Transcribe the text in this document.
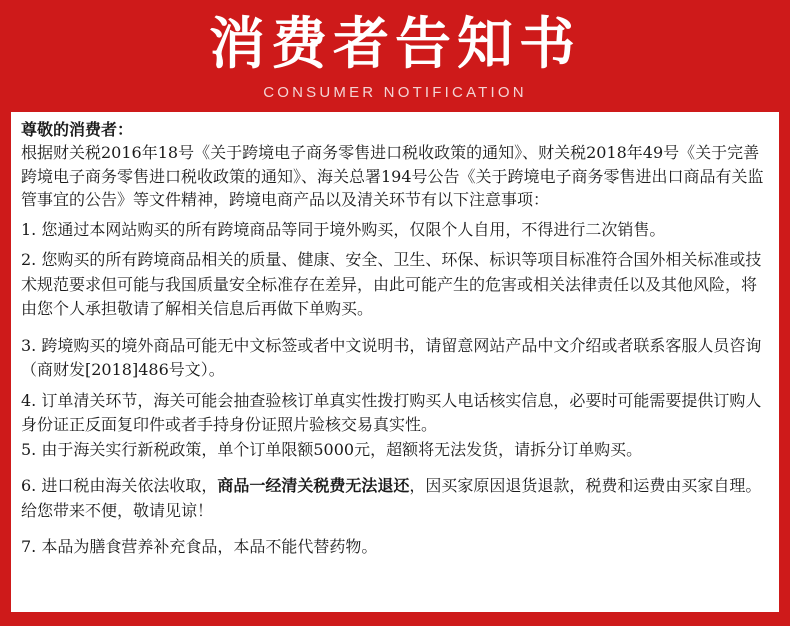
消费者告知书
CONSUMER NOTIFICATION
尊敬的消费者：
根据财关税2016年18号《关于跨境电子商务零售进口税收政策的通知》、财关税2018年49号《关于完善跨境电子商务零售进口税收政策的通知》、海关总署194号公告《关于跨境电子商务零售进出口商品有关监管事宜的公告》等文件精神，跨境电商产品以及清关环节有以下注意事项：
1. 您通过本网站购买的所有跨境商品等同于境外购买，仅限个人自用，不得进行二次销售。
2. 您购买的所有跨境商品相关的质量、健康、安全、卫生、环保、标识等项目标准符合国外相关标准或技术规范要求但可能与我国质量安全标准存在差异，由此可能产生的危害或相关法律责任以及其他风险，将由您个人承担敬请了解相关信息后再做下单购买。
3. 跨境购买的境外商品可能无中文标签或者中文说明书，请留意网站产品中文介绍或者联系客服人员咨询（商财发[2018]486号文）。
4. 订单清关环节，海关可能会抽查验核订单真实性拨打购买人电话核实信息，必要时可能需要提供订购人身份证正反面复印件或者手持身份证照片验核交易真实性。
5. 由于海关实行新税政策，单个订单限额5000元，超额将无法发货，请拆分订单购买。
6. 进口税由海关依法收取，商品一经清关税费无法退还，因买家原因退货退款，税费和运费由买家自理。给您带来不便，敬请见谅！
7. 本品为膳食营养补充食品，本品不能代替药物。
